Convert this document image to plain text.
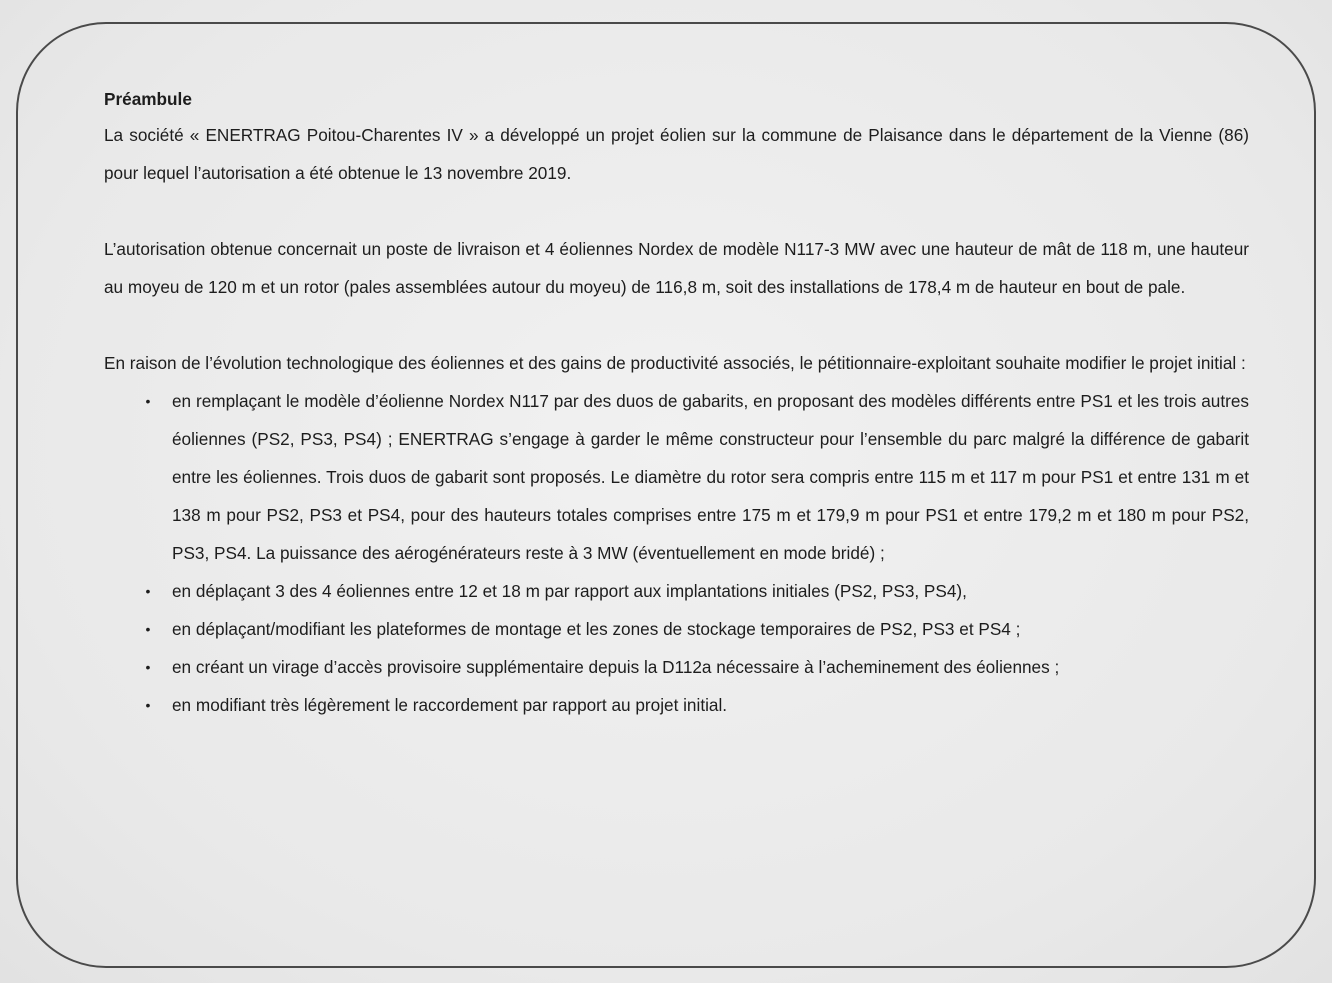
Préambule

La société « ENERTRAG Poitou-Charentes IV » a développé un projet éolien sur la commune de Plaisance dans le département de la Vienne (86) pour lequel l’autorisation a été obtenue le 13 novembre 2019.

L’autorisation obtenue concernait un poste de livraison et 4 éoliennes Nordex de modèle N117-3 MW avec une hauteur de mât de 118 m, une hauteur au moyeu de 120 m et un rotor (pales assemblées autour du moyeu) de 116,8 m, soit des installations de 178,4 m de hauteur en bout de pale.

En raison de l’évolution technologique des éoliennes et des gains de productivité associés, le pétitionnaire-exploitant souhaite modifier le projet initial :

•	en remplaçant le modèle d’éolienne Nordex N117 par des duos de gabarits, en proposant des modèles différents entre PS1 et les trois autres éoliennes (PS2, PS3, PS4) ; ENERTRAG s’engage à garder le même constructeur pour l’ensemble du parc malgré la différence de gabarit entre les éoliennes. Trois duos de gabarit sont proposés. Le diamètre du rotor sera compris entre 115 m et 117 m pour PS1 et entre 131 m et 138 m pour PS2, PS3 et PS4, pour des hauteurs totales comprises entre 175 m et 179,9 m pour PS1 et entre 179,2 m et 180 m pour PS2, PS3, PS4. La puissance des aérogénérateurs reste à 3 MW (éventuellement en mode bridé) ;
•	en déplaçant 3 des 4 éoliennes entre 12 et 18 m par rapport aux implantations initiales (PS2, PS3, PS4),
•	en déplaçant/modifiant les plateformes de montage et les zones de stockage temporaires de PS2, PS3 et PS4 ;
•	en créant un virage d’accès provisoire supplémentaire depuis la D112a nécessaire à l’acheminement des éoliennes ;
•	en modifiant très légèrement le raccordement par rapport au projet initial.
